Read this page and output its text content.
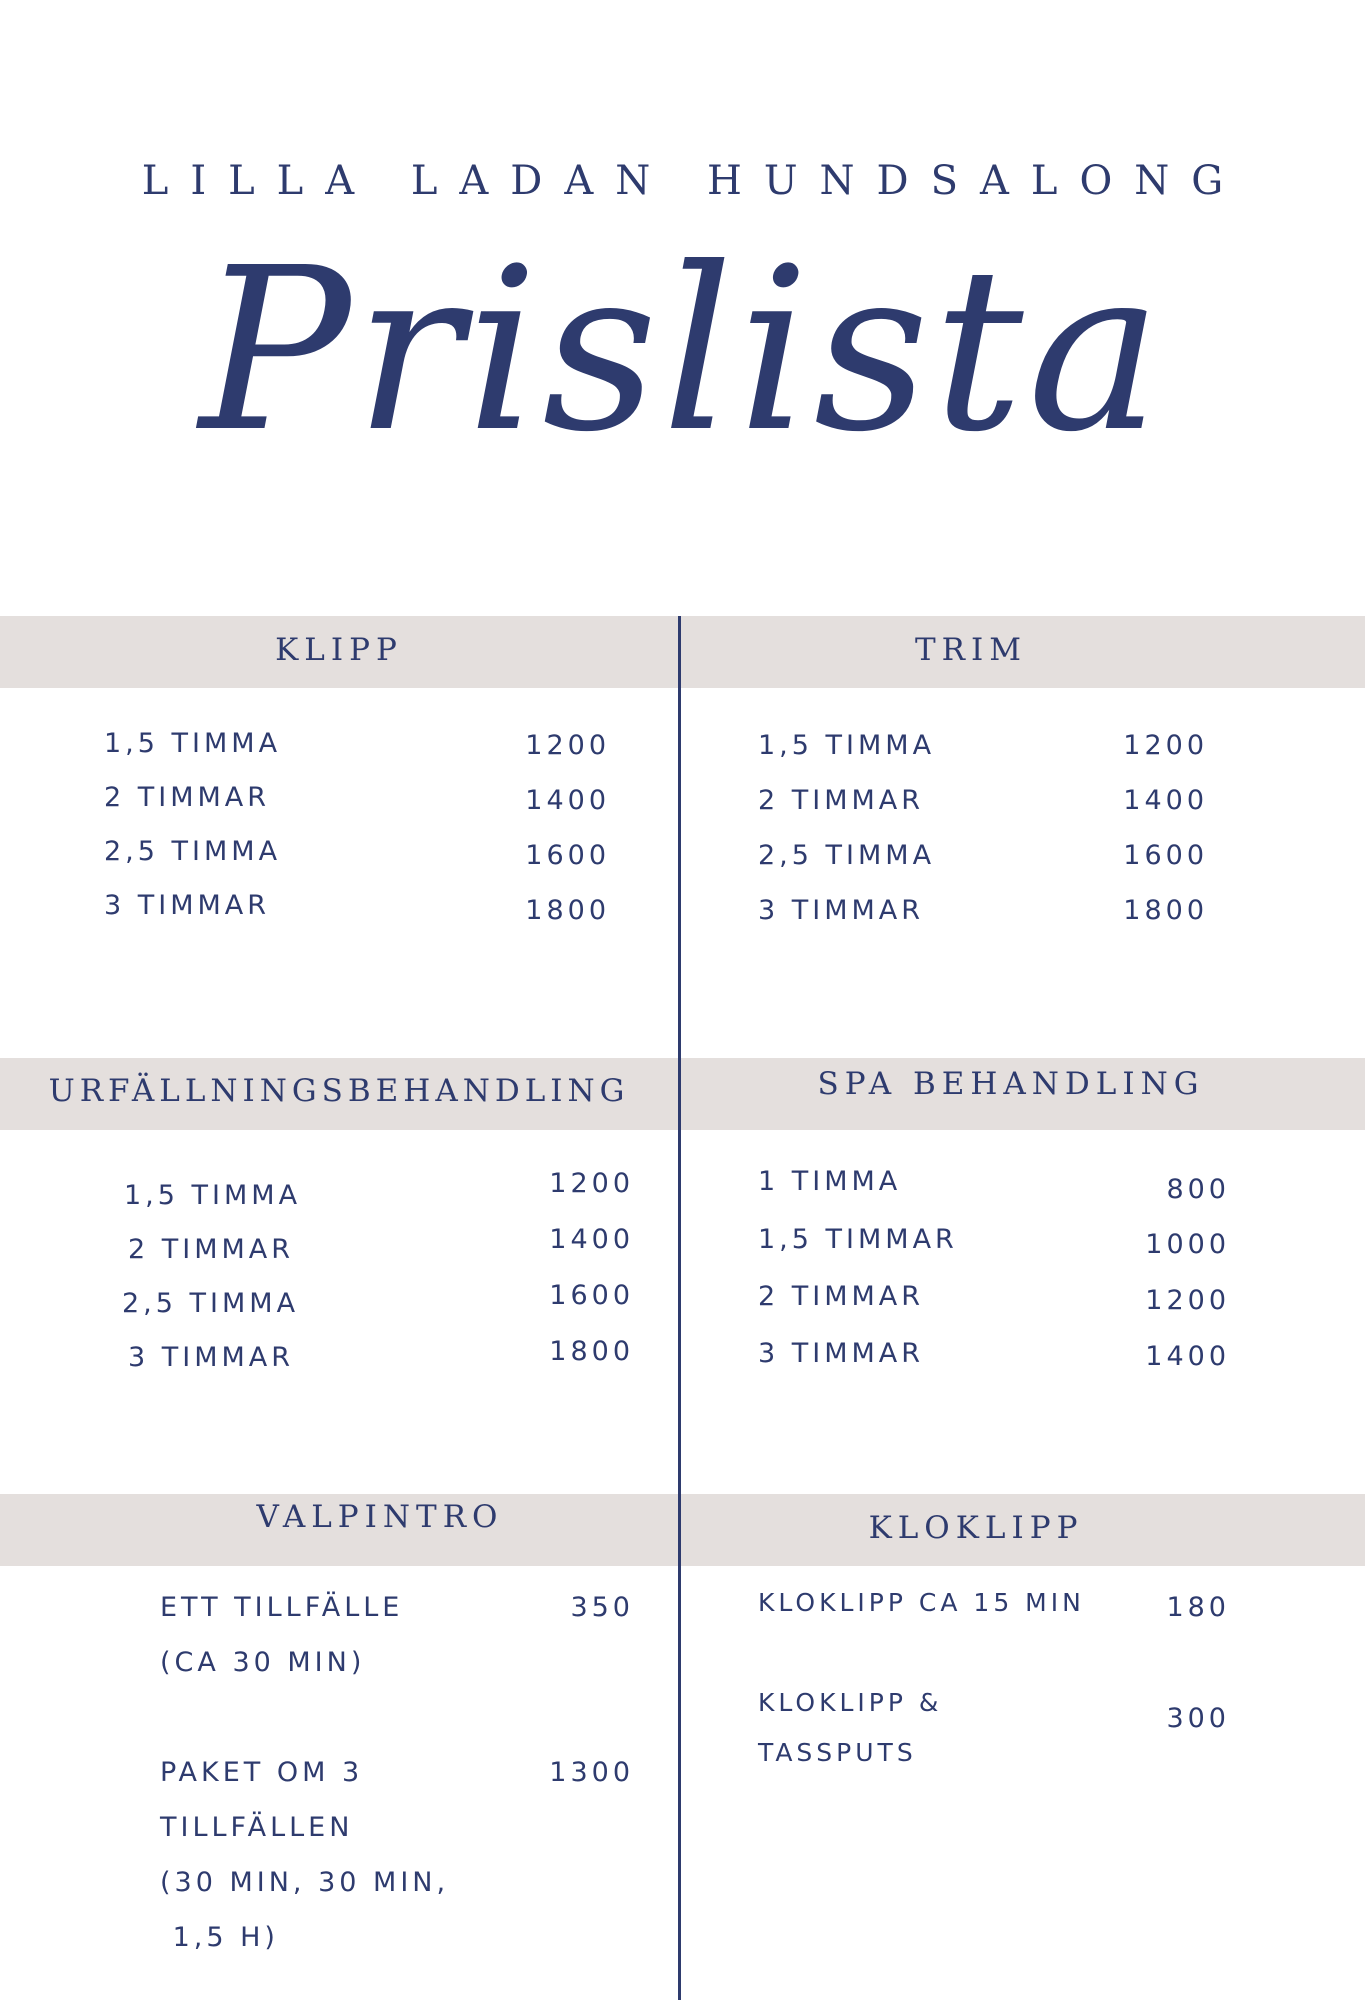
LILLA LADAN HUNDSALONG
Prislista
KLIPP
1,5 TIMMA	1200
2 TIMMAR	1400
2,5 TIMMA	1600
3 TIMMAR	1800
TRIM
1,5 TIMMA	1200
2 TIMMAR	1400
2,5 TIMMA	1600
3 TIMMAR	1800
URFÄLLNINGSBEHANDLING
1,5 TIMMA	1200
2 TIMMAR	1400
2,5 TIMMA	1600
3 TIMMAR	1800
SPA BEHANDLING
1 TIMMA	800
1,5 TIMMAR	1000
2 TIMMAR	1200
3 TIMMAR	1400
VALPINTRO
ETT TILLFÄLLE
(CA 30 MIN)
350
PAKET OM 3
TILLFÄLLEN
(30 MIN, 30 MIN,
1,5 H)
1300
KLOKLIPP
KLOKLIPP CA 15 MIN	180
KLOKLIPP &
TASSPUTS
300
